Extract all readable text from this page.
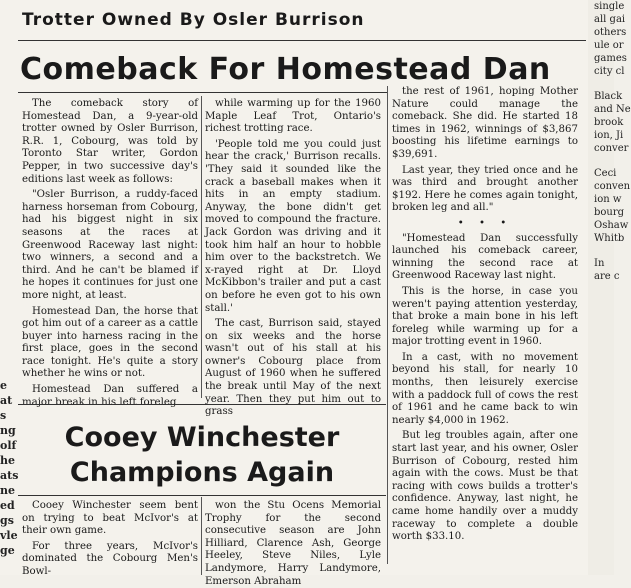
Trotter Owned By Osler Burrison
Comeback For Homestead Dan

The comeback story of Homestead Dan, a 9-year-old trotter owned by Osler Burrison, R.R. 1, Cobourg, was told by Toronto Star writer, Gordon Pepper, in two successive day's editions last week as follows:

"Osler Burrison, a ruddy-faced harness horseman from Cobourg, had his biggest night in six seasons at the races at Greenwood Raceway last night: two winners, a second and a third. And he can't be blamed if he hopes it continues for just one more night, at least.

Homestead Dan, the horse that got him out of a career as a cattle buyer into harness racing in the first place, goes in the second race tonight. He's quite a story whether he wins or not.

Homestead Dan suffered a major break in his left foreleg

while warming up for the 1960 Maple Leaf Trot, Ontario's richest trotting race.

'People told me you could just hear the crack,' Burrison recalls. 'They said it sounded like the crack a baseball makes when it hits in an empty stadium. Anyway, the bone didn't get moved to compound the fracture. Jack Gordon was driving and it took him half an hour to hobble him over to the backstretch. We x-rayed right at Dr. Lloyd McKibbon's trailer and put a cast on before he even got to his own stall.'

The cast, Burrison said, stayed on six weeks and the horse wasn't out of his stall at his owner's Cobourg place from August of 1960 when he suffered the break until May of the next year. Then they put him out to grass

the rest of 1961, hoping Mother Nature could manage the comeback. She did. He started 18 times in 1962, winnings of $3,867 boosting his lifetime earnings to $39,691.

Last year, they tried once and he was third and brought another $192. Here he comes again tonight, broken leg and all."

• • •

"Homestead Dan successfully launched his comeback career, winning the second race at Greenwood Raceway last night.

This is the horse, in case you weren't paying attention yesterday, that broke a main bone in his left foreleg while warming up for a major trotting event in 1960.

In a cast, with no movement beyond his stall, for nearly 10 months, then leisurely exercise with a paddock full of cows the rest of 1961 and he came back to win nearly $4,000 in 1962.

But leg troubles again, after one start last year, and his owner, Osler Burrison of Cobourg, rested him again with the cows. Must be that racing with cows builds a trotter's confidence. Anyway, last night, he came home handily over a muddy raceway to complete a double worth $33.10.

Cooey Winchester
Champions Again

Cooey Winchester seem bent on trying to beat McIvor's at their own game.

For three years, McIvor's dominated the Cobourg Men's Bowl-

won the Stu Ocens Memorial Trophy for the second consecutive season are John Hilliard, Clarence Ash, George Heeley, Steve Niles, Lyle Landymore, Harry Landymore, Emerson Abraham

e
at
s
ng
olf
he
ats
ne
ed
gs
vle
ge
single
all gai
others
ule or
games
city cl
Black
and Ne
brook
ion, Ji
conver
Ceci
conven
ion w
bourg
Oshaw
Whitb
In
are c
